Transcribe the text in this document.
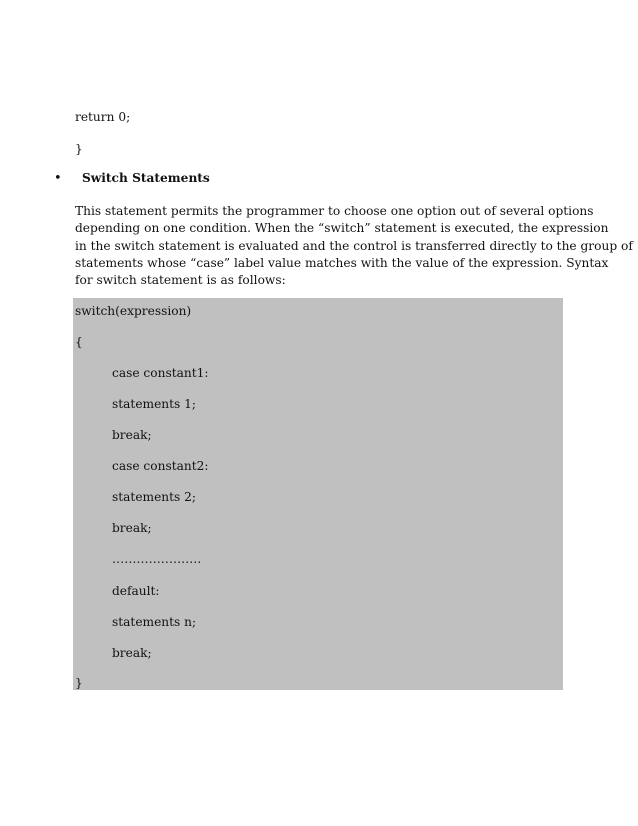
return 0;
}
• Switch Statements
This statement permits the programmer to choose one option out of several options
depending on one condition. When the “switch” statement is executed, the expression
in the switch statement is evaluated and the control is transferred directly to the group of
statements whose “case” label value matches with the value of the expression. Syntax
for switch statement is as follows:
switch(expression)
{
case constant1:
statements 1;
break;
case constant2:
statements 2;
break;
………………….
default:
statements n;
break;
}
